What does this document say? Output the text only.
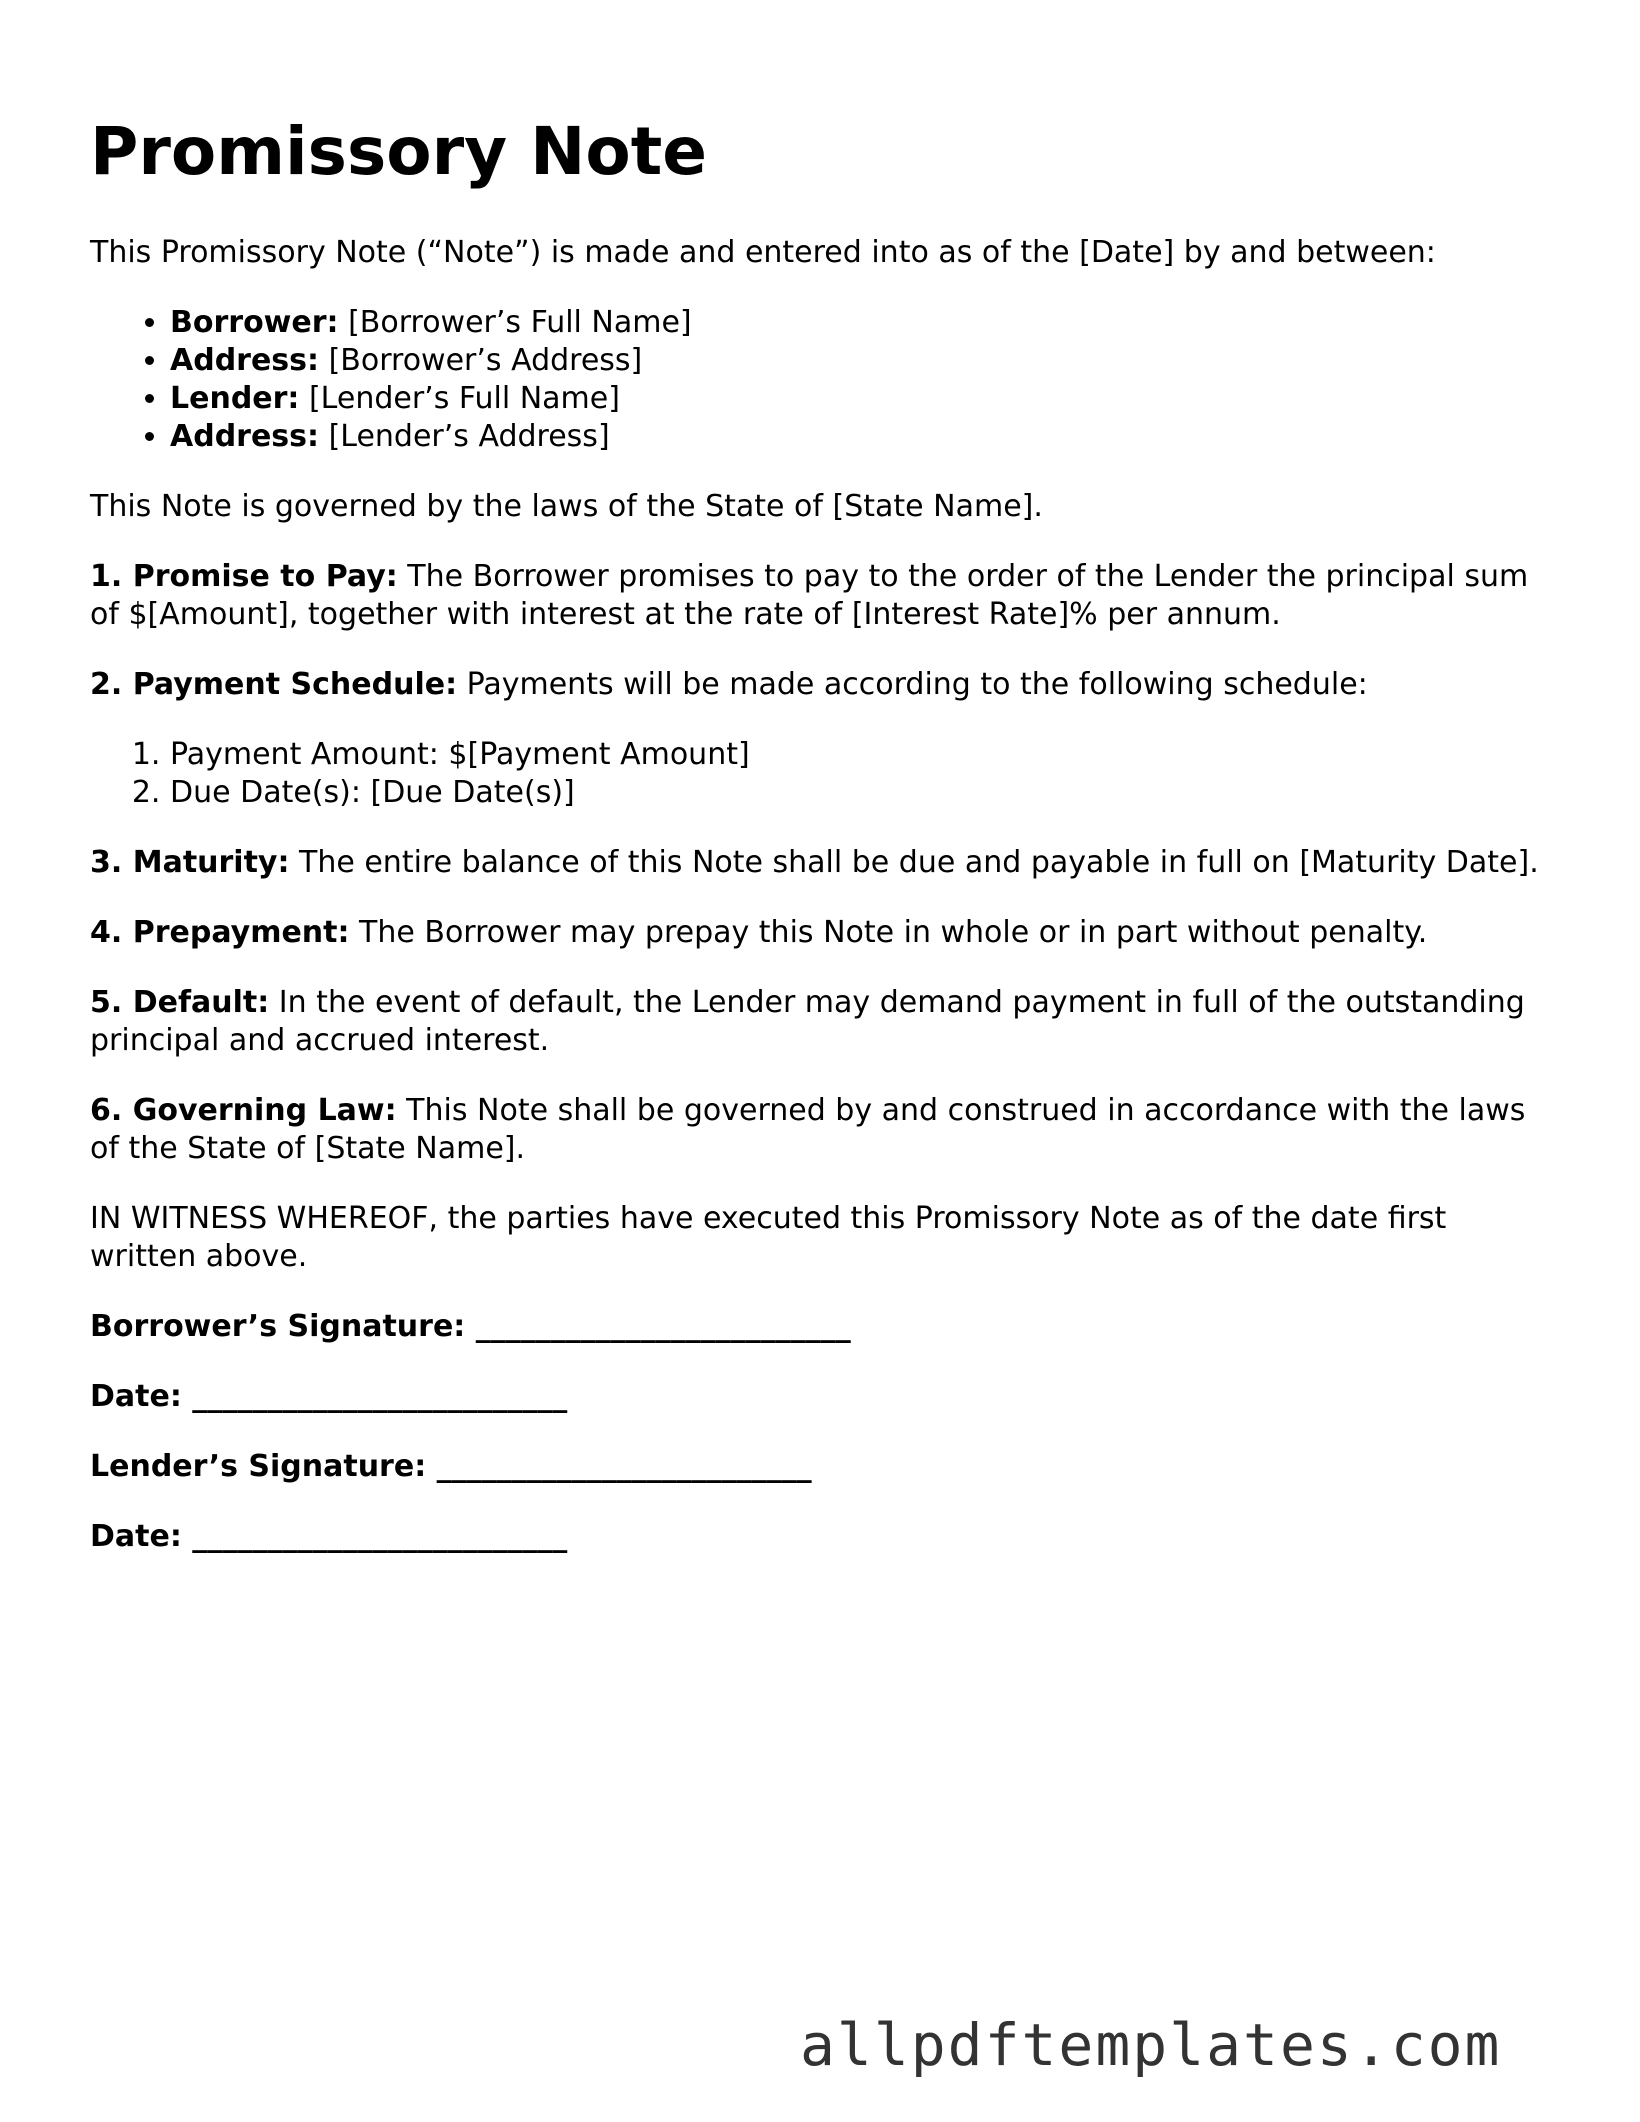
Promissory Note

This Promissory Note (“Note”) is made and entered into as of the [Date] by and between:

• Borrower: [Borrower’s Full Name]
• Address: [Borrower’s Address]
• Lender: [Lender’s Full Name]
• Address: [Lender’s Address]

This Note is governed by the laws of the State of [State Name].

1. Promise to Pay: The Borrower promises to pay to the order of the Lender the principal sum of $[Amount], together with interest at the rate of [Interest Rate]% per annum.

2. Payment Schedule: Payments will be made according to the following schedule:

1. Payment Amount: $[Payment Amount]
2. Due Date(s): [Due Date(s)]

3. Maturity: The entire balance of this Note shall be due and payable in full on [Maturity Date].

4. Prepayment: The Borrower may prepay this Note in whole or in part without penalty.

5. Default: In the event of default, the Lender may demand payment in full of the outstanding principal and accrued interest.

6. Governing Law: This Note shall be governed by and construed in accordance with the laws of the State of [State Name].

IN WITNESS WHEREOF, the parties have executed this Promissory Note as of the date first written above.

Borrower’s Signature: _________________________
Date: _________________________
Lender’s Signature: _________________________
Date: _________________________
allpdftemplates.com
